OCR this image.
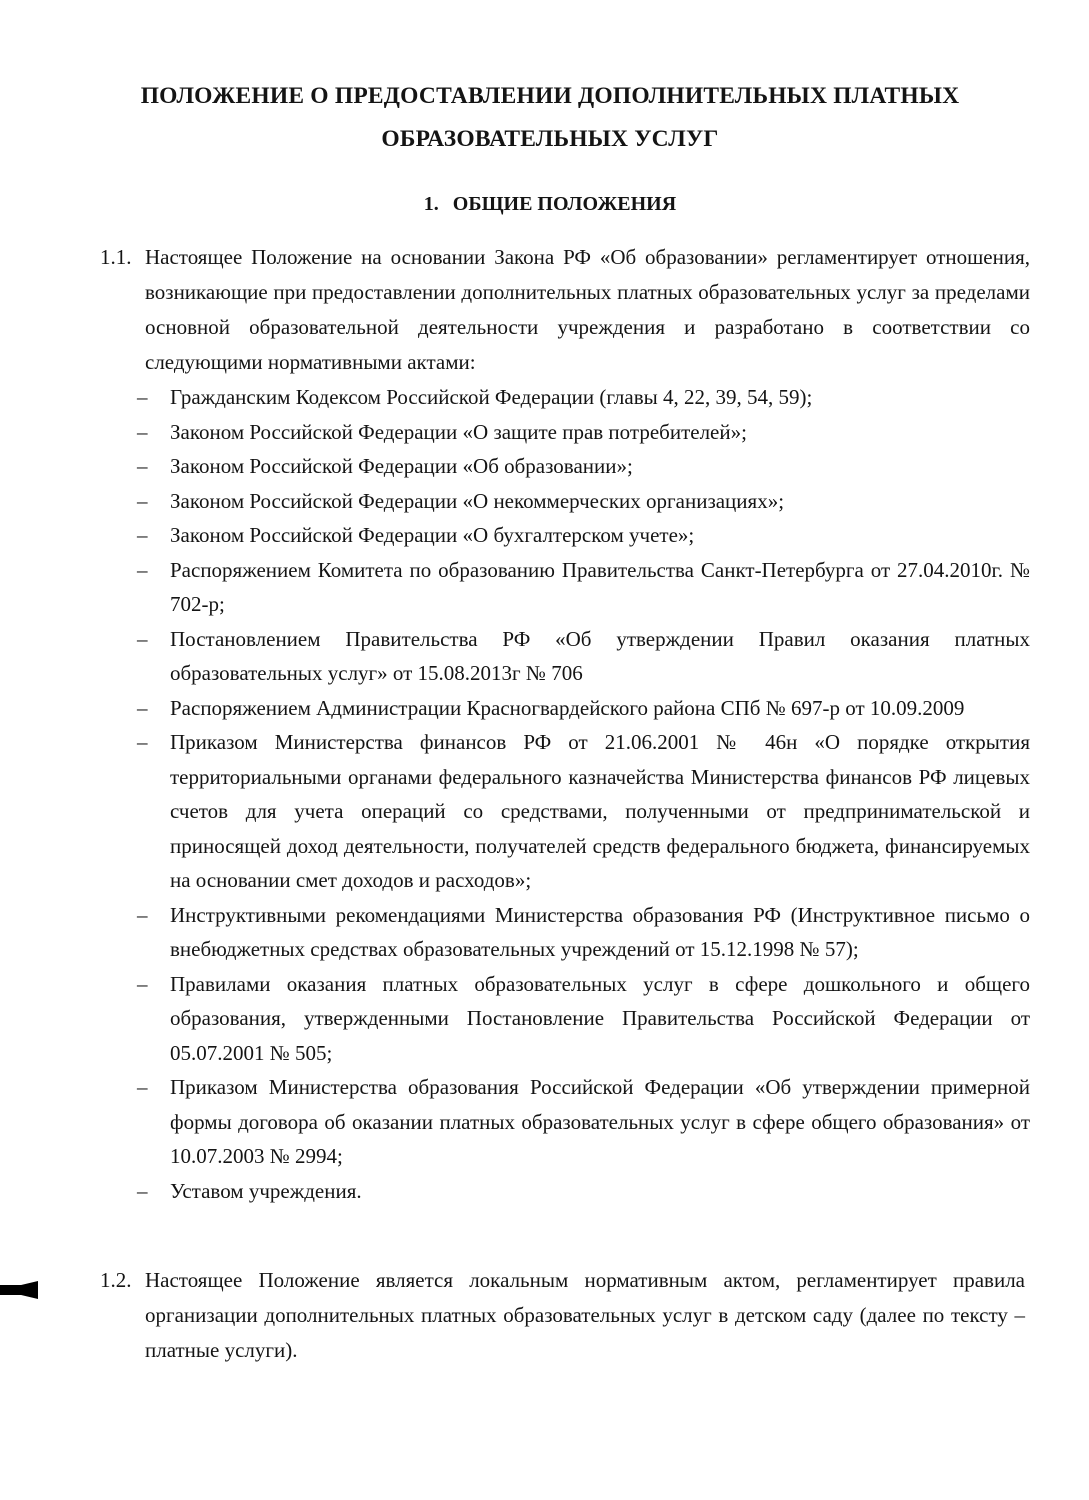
ПОЛОЖЕНИЕ О ПРЕДОСТАВЛЕНИИ ДОПОЛНИТЕЛЬНЫХ ПЛАТНЫХ
ОБРАЗОВАТЕЛЬНЫХ УСЛУГ
1. ОБЩИЕ ПОЛОЖЕНИЯ
1.1. Настоящее Положение на основании Закона РФ «Об образовании» регламентирует отношения, возникающие при предоставлении дополнительных платных образовательных услуг за пределами основной образовательной деятельности учреждения и разработано в соответствии со следующими нормативными актами:
– Гражданским Кодексом Российской Федерации (главы 4, 22, 39, 54, 59);
– Законом Российской Федерации «О защите прав потребителей»;
– Законом Российской Федерации «Об образовании»;
– Законом Российской Федерации «О некоммерческих организациях»;
– Законом Российской Федерации «О бухгалтерском учете»;
– Распоряжением Комитета по образованию Правительства Санкт-Петербурга от 27.04.2010г. № 702-р;
– Постановлением Правительства РФ «Об утверждении Правил оказания платных образовательных услуг» от 15.08.2013г № 706
– Распоряжением Администрации Красногвардейского района СПб № 697-р от 10.09.2009
– Приказом Министерства финансов РФ от 21.06.2001 № 46н «О порядке открытия территориальными органами федерального казначейства Министерства финансов РФ лицевых счетов для учета операций со средствами, полученными от предпринимательской и приносящей доход деятельности, получателей средств федерального бюджета, финансируемых на основании смет доходов и расходов»;
– Инструктивными рекомендациями Министерства образования РФ (Инструктивное письмо о внебюджетных средствах образовательных учреждений от 15.12.1998 № 57);
– Правилами оказания платных образовательных услуг в сфере дошкольного и общего образования, утвержденными Постановление Правительства Российской Федерации от 05.07.2001 № 505;
– Приказом Министерства образования Российской Федерации «Об утверждении примерной формы договора об оказании платных образовательных услуг в сфере общего образования» от 10.07.2003 № 2994;
– Уставом учреждения.
1.2. Настоящее Положение является локальным нормативным актом, регламентирует правила организации дополнительных платных образовательных услуг в детском саду (далее по тексту – платные услуги).
